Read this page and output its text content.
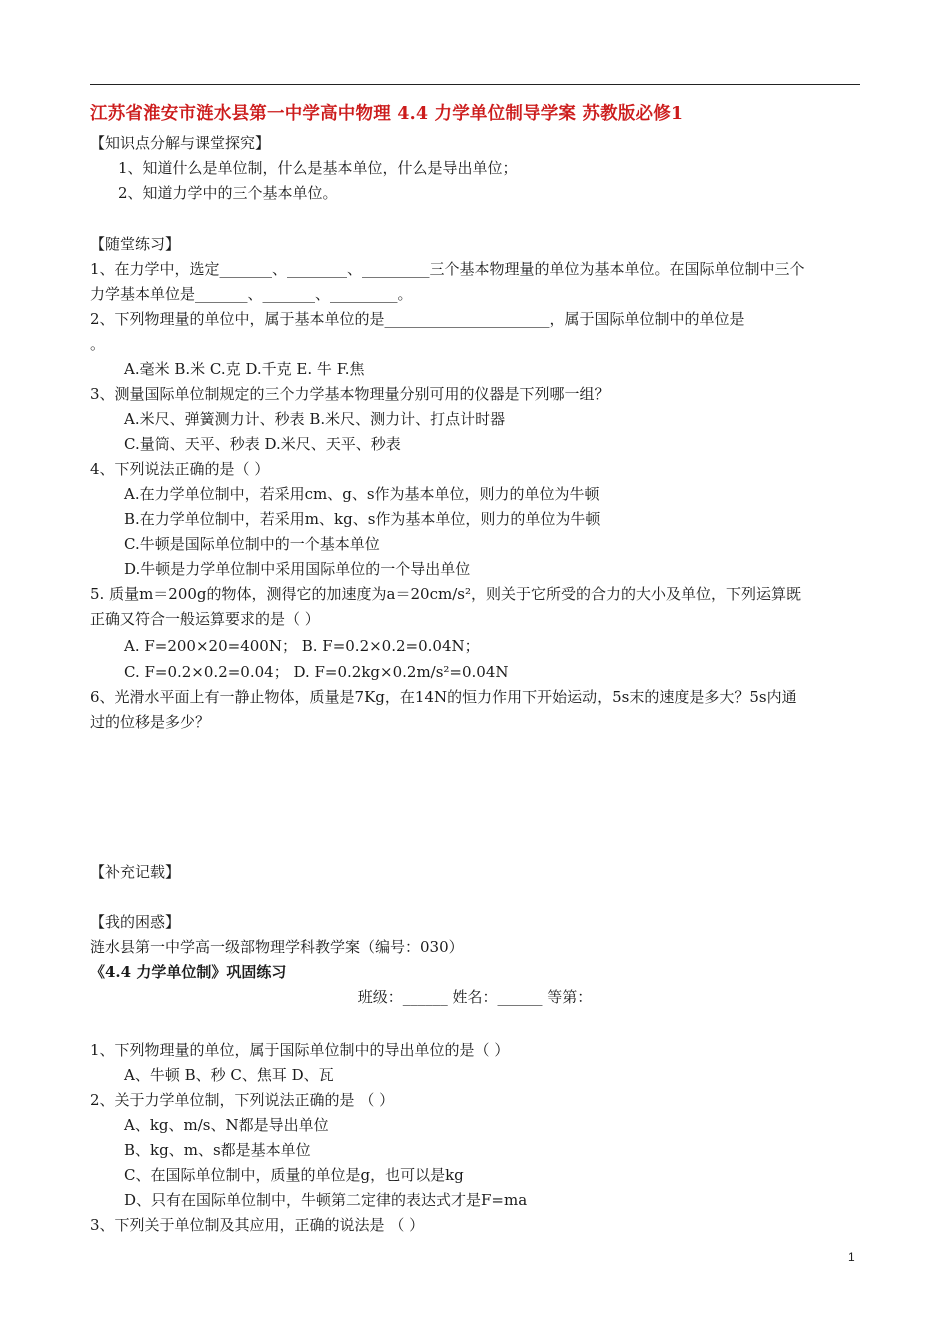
江苏省淮安市涟水县第一中学高中物理 4.4 力学单位制导学案 苏教版必修1
【知识点分解与课堂探究】
1、知道什么是单位制，什么是基本单位，什么是导出单位；
2、知道力学中的三个基本单位。
【随堂练习】
1、在力学中，选定_______、________、_________三个基本物理量的单位为基本单位。在国际单位制中三个
力学基本单位是_______、_______、_________。
2、下列物理量的单位中，属于基本单位的是______________________，属于国际单位制中的单位是
。
A.毫米 B.米 C.克 D.千克 E. 牛 F.焦
3、测量国际单位制规定的三个力学基本物理量分别可用的仪器是下列哪一组？
A.米尺、弹簧测力计、秒表 B.米尺、测力计、打点计时器
C.量筒、天平、秒表 D.米尺、天平、秒表
4、下列说法正确的是（ ）
A.在力学单位制中，若采用cm、g、s作为基本单位，则力的单位为牛顿
B.在力学单位制中，若采用m、kg、s作为基本单位，则力的单位为牛顿
C.牛顿是国际单位制中的一个基本单位
D.牛顿是力学单位制中采用国际单位的一个导出单位
5. 质量m＝200g的物体，测得它的加速度为a＝20cm/s²，则关于它所受的合力的大小及单位，下列运算既
正确又符合一般运算要求的是（ ）
A. F=200×20=400N； B. F=0.2×0.2=0.04N；
C. F=0.2×0.2=0.04； D. F=0.2kg×0.2m/s²=0.04N
6、光滑水平面上有一静止物体，质量是7Kg，在14N的恒力作用下开始运动，5s末的速度是多大？5s内通
过的位移是多少？
【补充记载】
【我的困惑】
涟水县第一中学高一级部物理学科教学案（编号：030）
《4.4 力学单位制》巩固练习
班级：______ 姓名：______ 等第：
1、下列物理量的单位，属于国际单位制中的导出单位的是（ ）
A、牛顿 B、秒 C、焦耳 D、瓦
2、关于力学单位制，下列说法正确的是 （ ）
A、kg、m/s、N都是导出单位
B、kg、m、s都是基本单位
C、在国际单位制中，质量的单位是g，也可以是kg
D、只有在国际单位制中，牛顿第二定律的表达式才是F=ma
3、下列关于单位制及其应用，正确的说法是 （ ）
1
